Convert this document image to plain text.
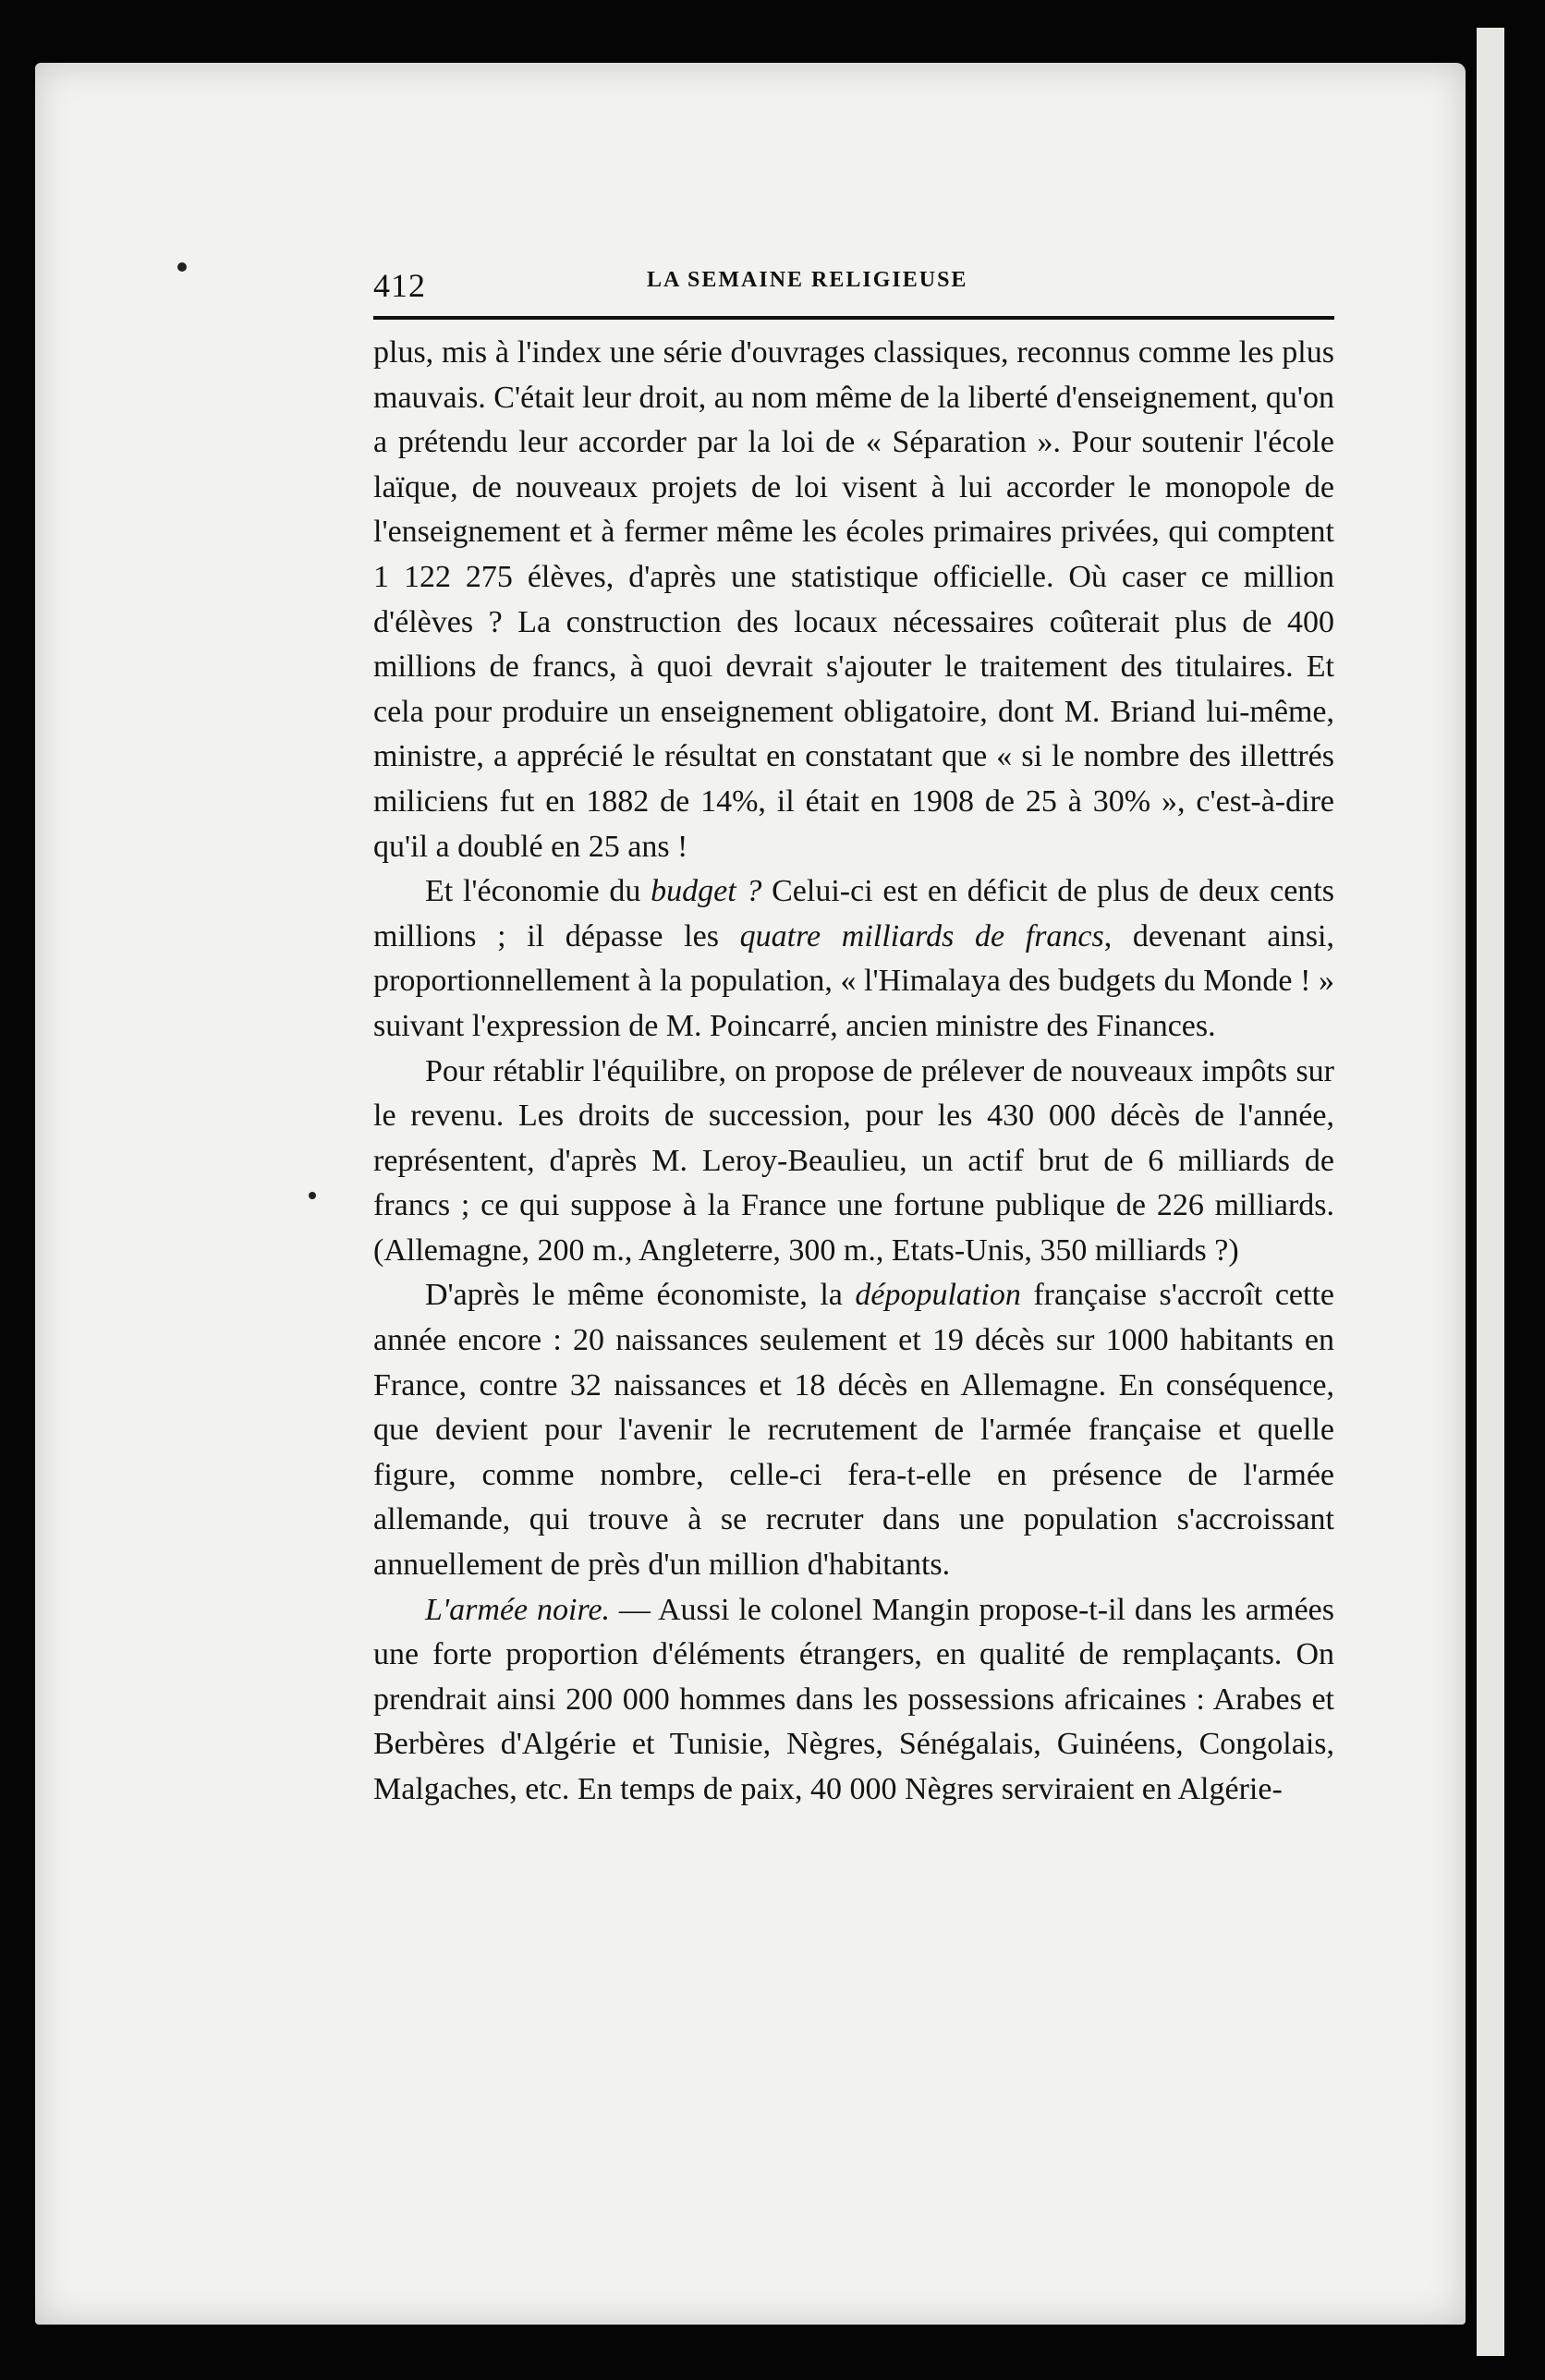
412	LA SEMAINE RELIGIEUSE

plus, mis à l'index une série d'ouvrages classiques, reconnus comme les plus mauvais. C'était leur droit, au nom même de la liberté d'enseignement, qu'on a prétendu leur accorder par la loi de « Séparation ». Pour soutenir l'école laïque, de nouveaux projets de loi visent à lui accorder le monopole de l'enseignement et à fermer même les écoles primaires privées, qui comptent 1 122 275 élèves, d'après une statistique officielle. Où caser ce million d'élèves ? La construction des locaux nécessaires coûterait plus de 400 millions de francs, à quoi devrait s'ajouter le traitement des titulaires. Et cela pour produire un enseignement obligatoire, dont M. Briand lui-même, ministre, a apprécié le résultat en constatant que « si le nombre des illettrés miliciens fut en 1882 de 14%, il était en 1908 de 25 à 30% », c'est-à-dire qu'il a doublé en 25 ans !

Et l'économie du budget ? Celui-ci est en déficit de plus de deux cents millions ; il dépasse les quatre milliards de francs, devenant ainsi, proportionnellement à la population, « l'Himalaya des budgets du Monde ! » suivant l'expression de M. Poincarré, ancien ministre des Finances.

Pour rétablir l'équilibre, on propose de prélever de nouveaux impôts sur le revenu. Les droits de succession, pour les 430 000 décès de l'année, représentent, d'après M. Leroy-Beaulieu, un actif brut de 6 milliards de francs ; ce qui suppose à la France une fortune publique de 226 milliards. (Allemagne, 200 m., Angleterre, 300 m., Etats-Unis, 350 milliards ?)

D'après le même économiste, la dépopulation française s'accroît cette année encore : 20 naissances seulement et 19 décès sur 1000 habitants en France, contre 32 naissances et 18 décès en Allemagne. En conséquence, que devient pour l'avenir le recrutement de l'armée française et quelle figure, comme nombre, celle-ci fera-t-elle en présence de l'armée allemande, qui trouve à se recruter dans une population s'accroissant annuellement de près d'un million d'habitants.

L'armée noire. — Aussi le colonel Mangin propose-t-il dans les armées une forte proportion d'éléments étrangers, en qualité de remplaçants. On prendrait ainsi 200 000 hommes dans les possessions africaines : Arabes et Berbères d'Algérie et Tunisie, Nègres, Sénégalais, Guinéens, Congolais, Malgaches, etc. En temps de paix, 40 000 Nègres serviraient en Algérie-
